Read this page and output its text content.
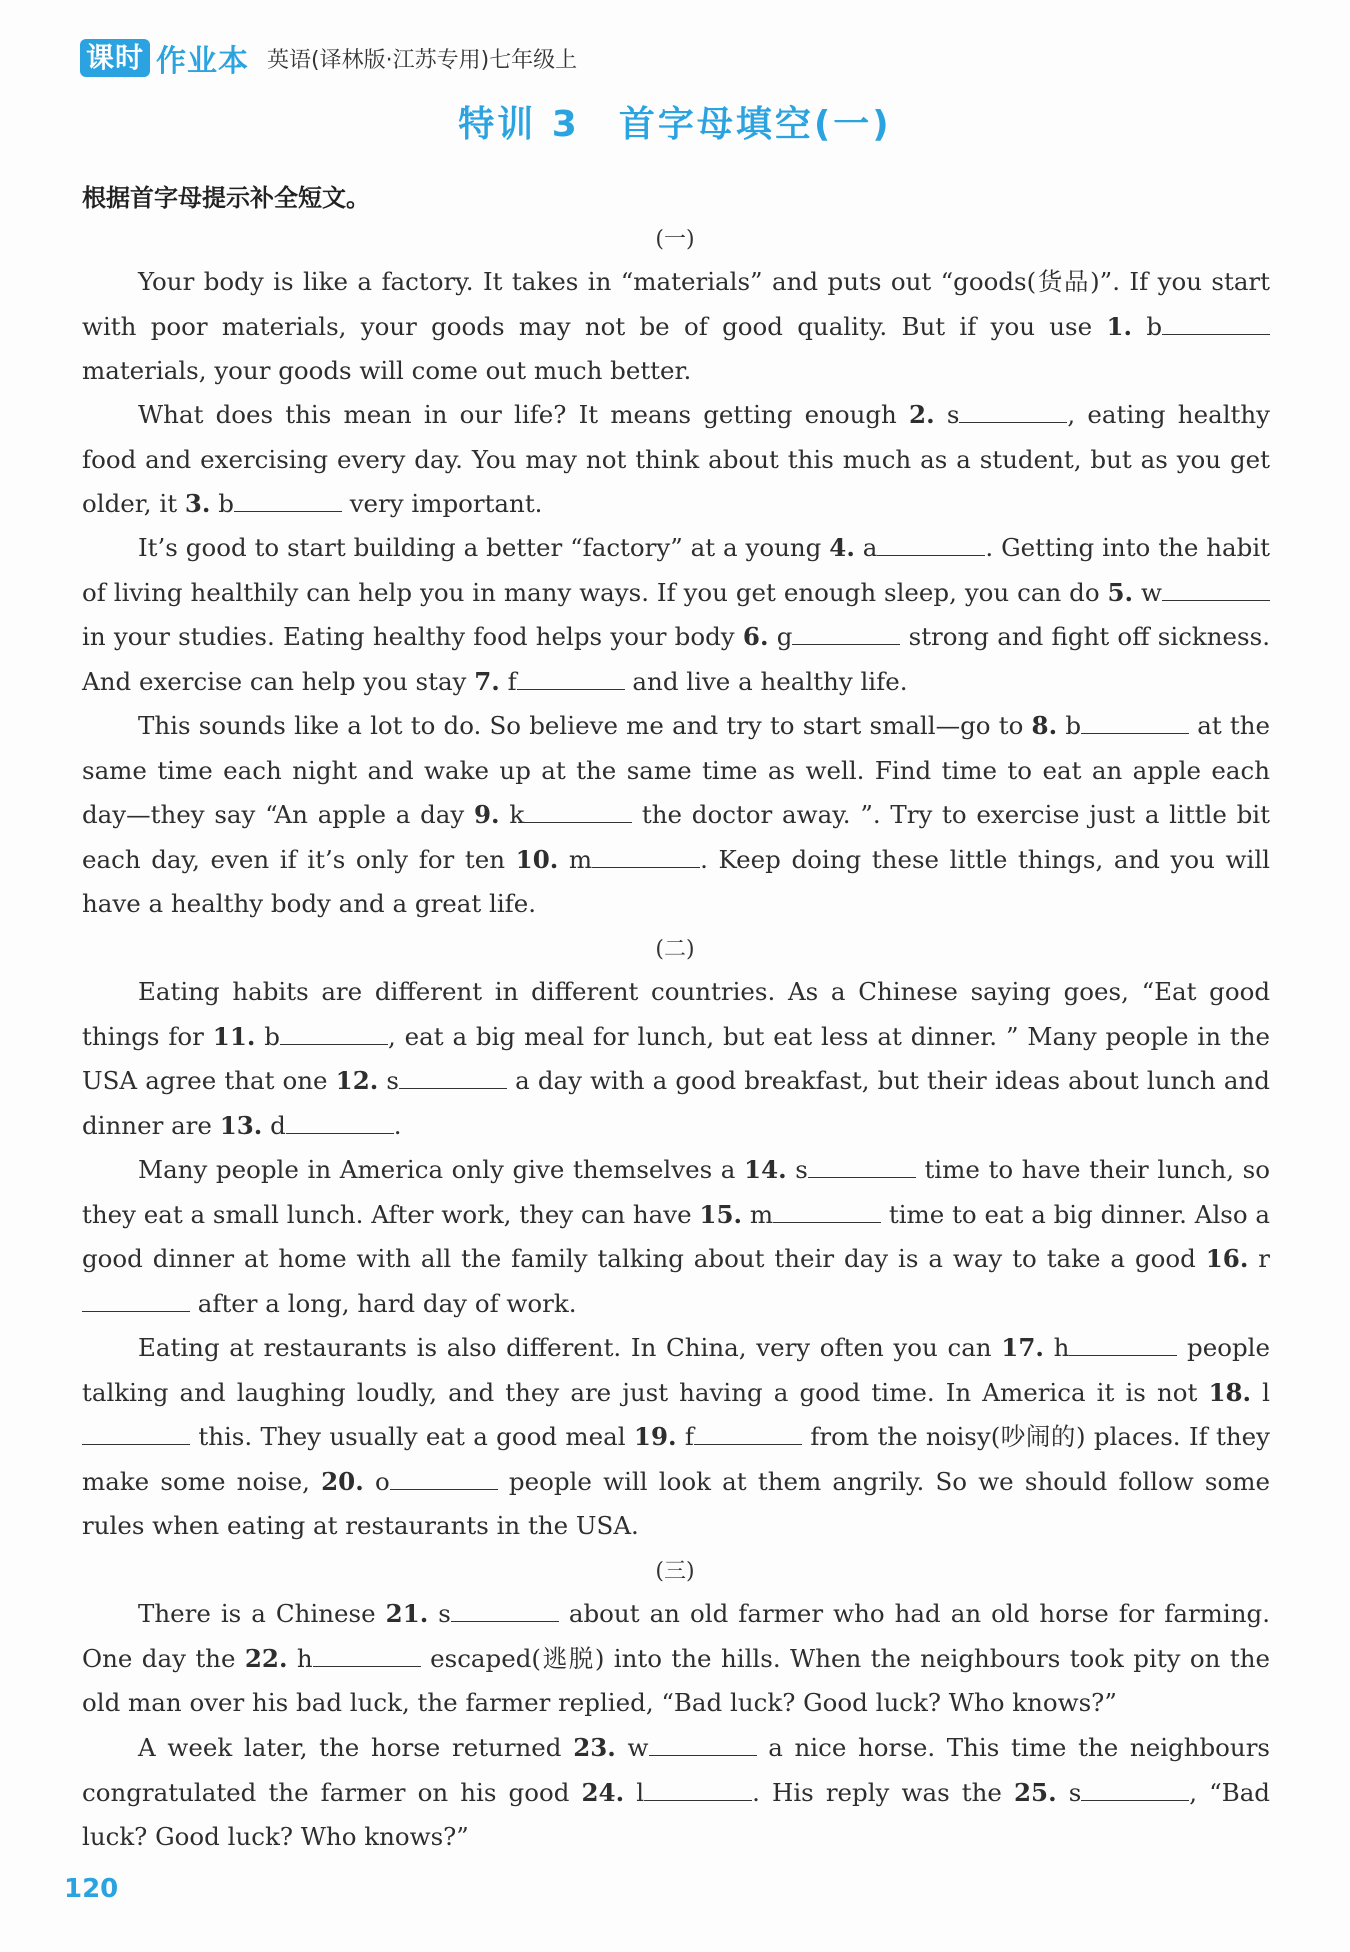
课时 作业本 英语(译林版·江苏专用)七年级上
特训 3　首字母填空(一)
根据首字母提示补全短文。
(一)
Your body is like a factory. It takes in “materials” and puts out “goods(货品)”. If you start with poor materials, your goods may not be of good quality. But if you use 1. b materials, your goods will come out much better.
What does this mean in our life? It means getting enough 2. s	, eating healthy food and exercising every day. You may not think about this much as a student, but as you get older, it 3. b	very important.
It’s good to start building a better “factory” at a young 4. a	. Getting into the habit of living healthily can help you in many ways. If you get enough sleep, you can do 5. w in your studies. Eating healthy food helps your body 6. g	strong and fight off sickness. And exercise can help you stay 7. f	and live a healthy life.
This sounds like a lot to do. So believe me and try to start small—go to 8. b	at the same time each night and wake up at the same time as well. Find time to eat an apple each day—they say “An apple a day 9. k	the doctor away. ”. Try to exercise just a little bit each day, even if it’s only for ten 10. m	. Keep doing these little things, and you will have a healthy body and a great life.
(二)
Eating habits are different in different countries. As a Chinese saying goes, “Eat good things for 11. b	, eat a big meal for lunch, but eat less at dinner. ” Many people in the USA agree that one 12. s	a day with a good breakfast, but their ideas about lunch and dinner are 13. d	.
Many people in America only give themselves a 14. s	time to have their lunch, so they eat a small lunch. After work, they can have 15. m	time to eat a big dinner. Also a good dinner at home with all the family talking about their day is a way to take a good 16. r after a long, hard day of work.
Eating at restaurants is also different. In China, very often you can 17. h	people talking and laughing loudly, and they are just having a good time. In America it is not 18. l this. They usually eat a good meal 19. f	from the noisy(吵闹的) places. If they make some noise, 20. o	people will look at them angrily. So we should follow some rules when eating at restaurants in the USA.
(三)
There is a Chinese 21. s	about an old farmer who had an old horse for farming. One day the 22. h	escaped(逃脱) into the hills. When the neighbours took pity on the old man over his bad luck, the farmer replied, “Bad luck? Good luck? Who knows?”
A week later, the horse returned 23. w	a nice horse. This time the neighbours congratulated the farmer on his good 24. l	. His reply was the 25. s	, “Bad luck? Good luck? Who knows?”
120
